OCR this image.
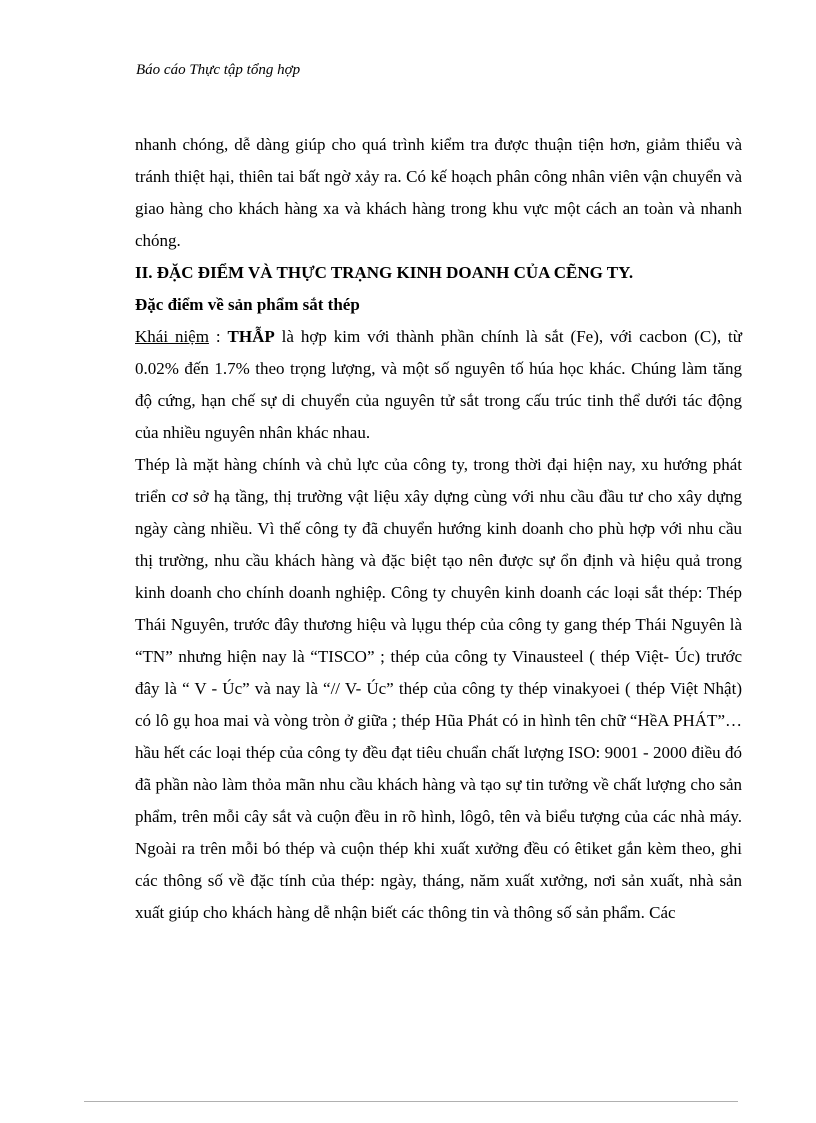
Báo cáo Thực tập tổng hợp

nhanh chóng, dễ dàng giúp cho quá trình kiểm tra được thuận tiện hơn, giảm thiểu và tránh thiệt hại, thiên tai bất ngờ xảy ra. Có kế hoạch phân công nhân viên vận chuyển và giao hàng cho khách hàng xa và khách hàng trong khu vực một cách an toàn và nhanh chóng.

II. ĐẶC ĐIỂM VÀ THỰC TRẠNG KINH DOANH CỦA CẼNG TY.

Đặc điểm về sản phẩm sắt thép

Khái niệm : THẪP là hợp kim với thành phần chính là sắt (Fe), với cacbon (C), từ 0.02% đến 1.7% theo trọng lượng, và một số nguyên tố húa học khác. Chúng làm tăng độ cứng, hạn chế sự di chuyển của nguyên tử sắt trong cấu trúc tinh thể dưới tác động của nhiều nguyên nhân khác nhau.

Thép là mặt hàng chính và chủ lực của công ty, trong thời đại hiện nay, xu hướng phát triển cơ sở hạ tầng, thị trường vật liệu xây dựng cùng với nhu cầu đầu tư cho xây dựng ngày càng nhiều. Vì thế công ty đã chuyển hướng kinh doanh cho phù hợp với nhu cầu thị trường, nhu cầu khách hàng và đặc biệt tạo nên được sự ổn định và hiệu quả trong kinh doanh cho chính doanh nghiệp. Công ty chuyên kinh doanh các loại sắt thép: Thép Thái Nguyên, trước đây thương hiệu và lụgu thép của công ty gang thép Thái Nguyên là “TN” nhưng hiện nay là “TISCO” ; thép của công ty Vinausteel ( thép Việt- Úc) trước đây là “ V - Úc” và nay là “// V- Úc” thép của công ty thép vinakyoei ( thép Việt Nhật) có lô gụ hoa mai và vòng tròn ở giữa ; thép Hũa Phát có in hình tên chữ “HềA PHÁT”…hầu hết các loại thép của công ty đều đạt tiêu chuẩn chất lượng ISO: 9001 - 2000 điều đó đã phần nào làm thỏa mãn nhu cầu khách hàng và tạo sự tin tưởng về chất lượng cho sản phẩm, trên mỗi cây sắt và cuộn đều in rõ hình, lôgô, tên và biểu tượng của các nhà máy. Ngoài ra trên mỗi bó thép và cuộn thép khi xuất xưởng đều có êtiket gắn kèm theo, ghi các thông số về đặc tính của thép: ngày, tháng, năm xuất xưởng, nơi sản xuất, nhà sản xuất giúp cho khách hàng dễ nhận biết các thông tin và thông số sản phẩm. Các
